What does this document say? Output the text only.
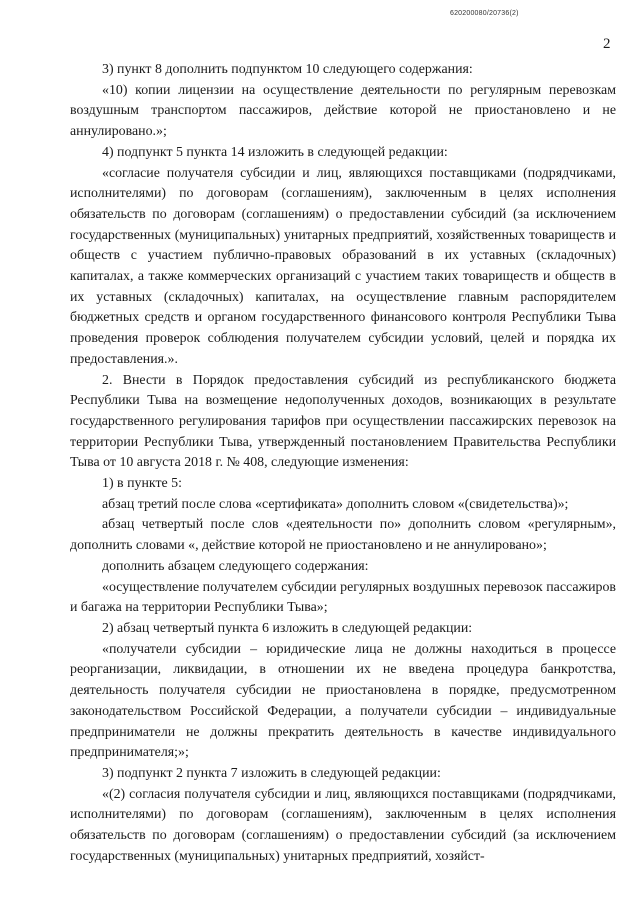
620200080/20736(2)
2

3) пункт 8 дополнить подпунктом 10 следующего содержания:

«10) копии лицензии на осуществление деятельности по регулярным перевозкам воздушным транспортом пассажиров, действие которой не приостановлено и не аннулировано.»;

4) подпункт 5 пункта 14 изложить в следующей редакции:

«согласие получателя субсидии и лиц, являющихся поставщиками (подрядчиками, исполнителями) по договорам (соглашениям), заключенным в целях исполнения обязательств по договорам (соглашениям) о предоставлении субсидий (за исключением государственных (муниципальных) унитарных предприятий, хозяйственных товариществ и обществ с участием публично-правовых образований в их уставных (складочных) капиталах, а также коммерческих организаций с участием таких товариществ и обществ в их уставных (складочных) капиталах, на осуществление главным распорядителем бюджетных средств и органом государственного финансового контроля Республики Тыва проведения проверок соблюдения получателем субсидии условий, целей и порядка их предоставления.».

2. Внести в Порядок предоставления субсидий из республиканского бюджета Республики Тыва на возмещение недополученных доходов, возникающих в результате государственного регулирования тарифов при осуществлении пассажирских перевозок на территории Республики Тыва, утвержденный постановлением Правительства Республики Тыва от 10 августа 2018 г. № 408, следующие изменения:

1) в пункте 5:

абзац третий после слова «сертификата» дополнить словом «(свидетельства)»;

абзац четвертый после слов «деятельности по» дополнить словом «регулярным», дополнить словами «, действие которой не приостановлено и не аннулировано»;

дополнить абзацем следующего содержания:

«осуществление получателем субсидии регулярных воздушных перевозок пассажиров и багажа на территории Республики Тыва»;

2) абзац четвертый пункта 6 изложить в следующей редакции:

«получатели субсидии – юридические лица не должны находиться в процессе реорганизации, ликвидации, в отношении их не введена процедура банкротства, деятельность получателя субсидии не приостановлена в порядке, предусмотренном законодательством Российской Федерации, а получатели субсидии – индивидуальные предприниматели не должны прекратить деятельность в качестве индивидуального предпринимателя;»;

3) подпункт 2 пункта 7 изложить в следующей редакции:

«(2) согласия получателя субсидии и лиц, являющихся поставщиками (подрядчиками, исполнителями) по договорам (соглашениям), заключенным в целях исполнения обязательств по договорам (соглашениям) о предоставлении субсидий (за исключением государственных (муниципальных) унитарных предприятий, хозяйст-
